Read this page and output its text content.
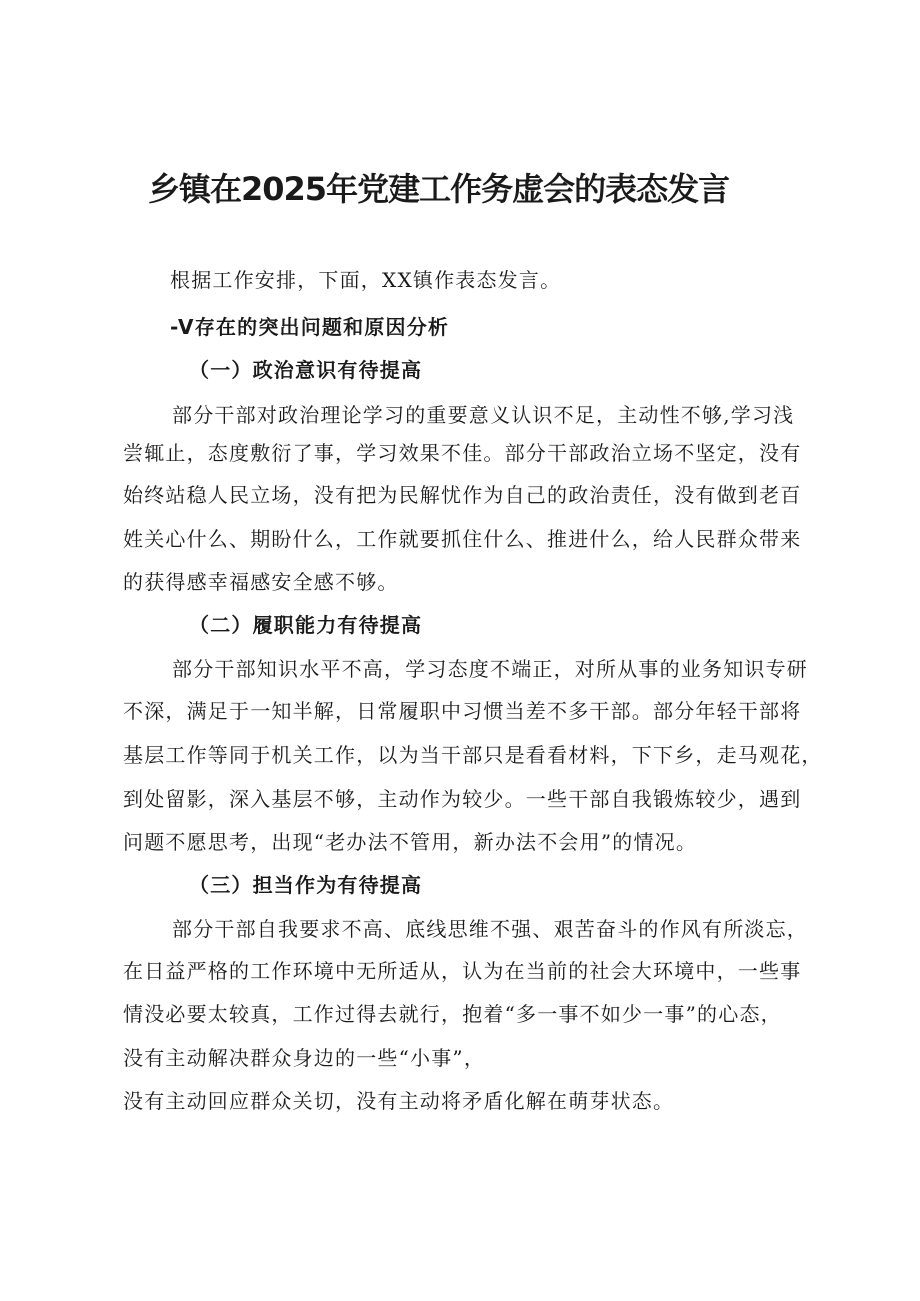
乡镇在2025年党建工作务虚会的表态发言
根据工作安排，下面，XX镇作表态发言。
-V存在的突出问题和原因分析
（一）政治意识有待提高
部分干部对政治理论学习的重要意义认识不足，主动性不够,学习浅
尝辄止，态度敷衍了事，学习效果不佳。部分干部政治立场不坚定，没有
始终站稳人民立场，没有把为民解忧作为自己的政治责任，没有做到老百
姓关心什么、期盼什么，工作就要抓住什么、推进什么，给人民群众带来
的获得感幸福感安全感不够。
（二）履职能力有待提高
部分干部知识水平不高，学习态度不端正，对所从事的业务知识专研
不深，满足于一知半解，日常履职中习惯当差不多干部。部分年轻干部将
基层工作等同于机关工作，以为当干部只是看看材料，下下乡，走马观花，
到处留影，深入基层不够，主动作为较少。一些干部自我锻炼较少，遇到
问题不愿思考，出现“老办法不管用，新办法不会用”的情况。
（三）担当作为有待提高
部分干部自我要求不高、底线思维不强、艰苦奋斗的作风有所淡忘，
在日益严格的工作环境中无所适从，认为在当前的社会大环境中，一些事
情没必要太较真，工作过得去就行，抱着“多一事不如少一事”的心态，
没有主动解决群众身边的一些“小事”，
没有主动回应群众关切，没有主动将矛盾化解在萌芽状态。
